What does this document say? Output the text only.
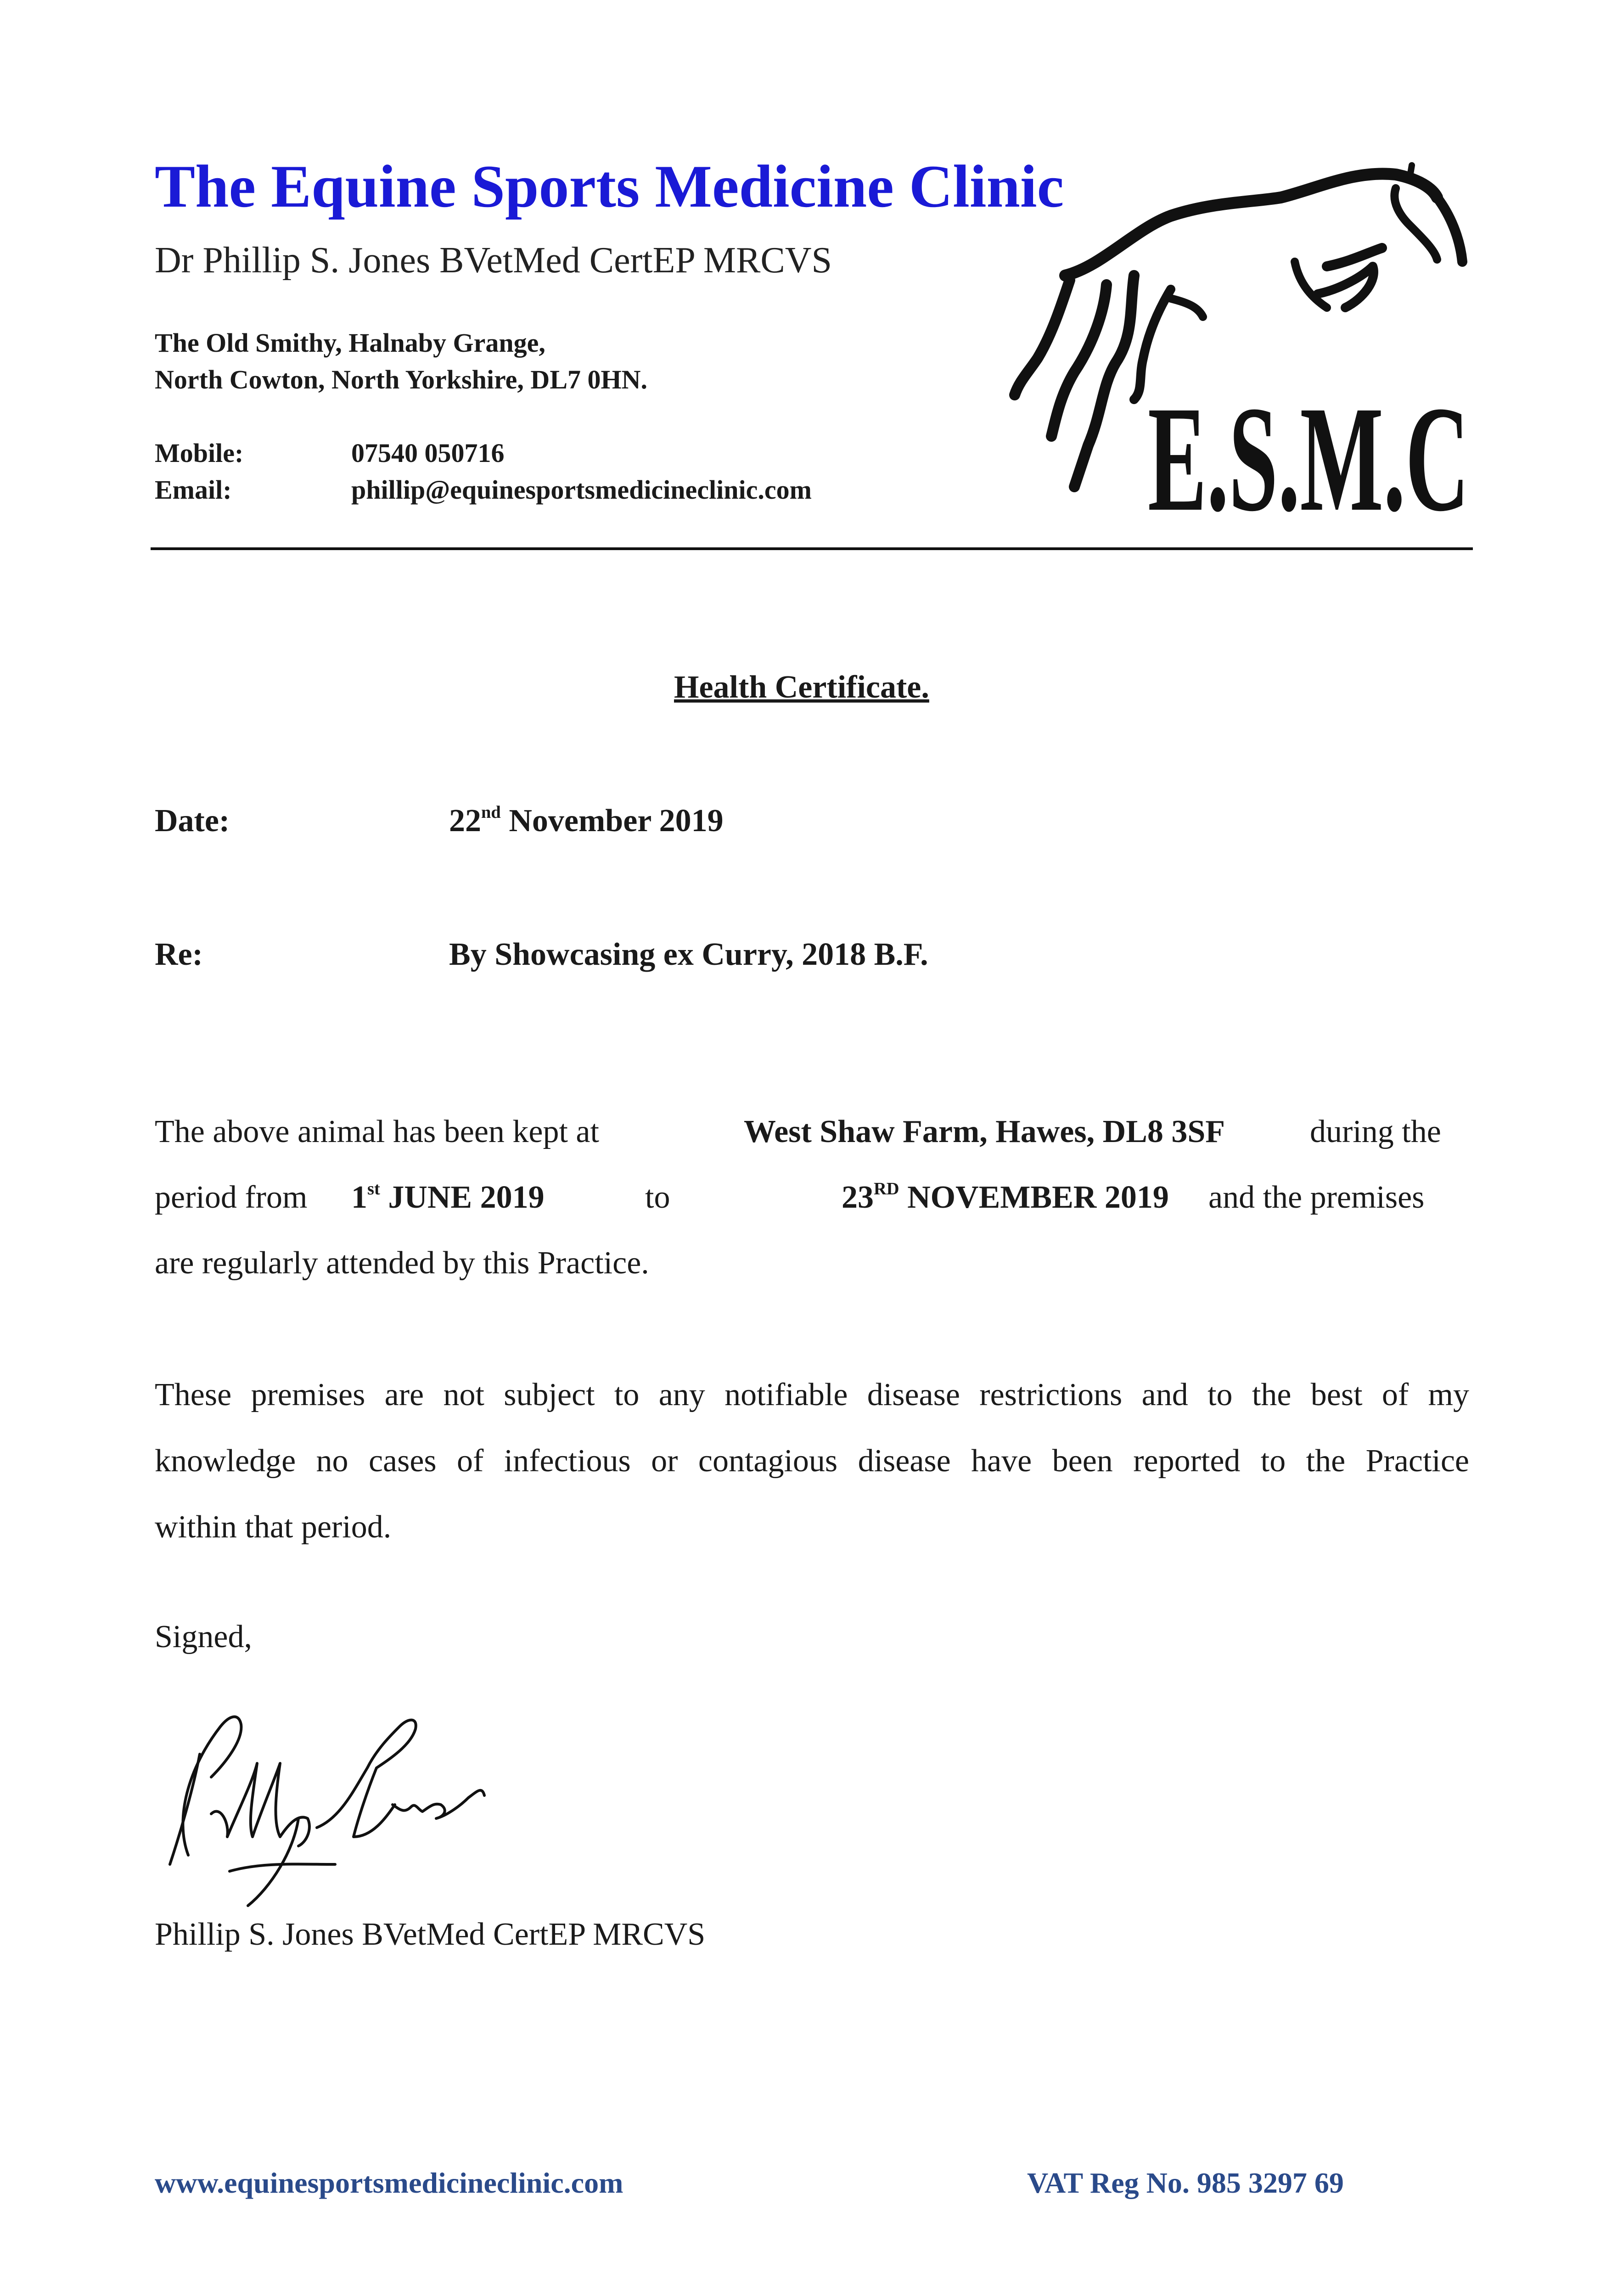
The Equine Sports Medicine Clinic
Dr Phillip S. Jones BVetMed CertEP MRCVS
The Old Smithy, Halnaby Grange,
North Cowton, North Yorkshire, DL7 0HN.
Mobile:	07540 050716
Email:	phillip@equinesportsmedicineclinic.com E.S.M.C
Health Certificate.
Date:	22nd November 2019
Re:	By Showcasing ex Curry, 2018 B.F.
The above animal has been kept at	West Shaw Farm, Hawes, DL8 3SF	during the
period from 1st JUNE 2019	to	23RD NOVEMBER 2019 and the premises
are regularly attended by this Practice.
These premises are not subject to any notifiable disease restrictions and to the best of my
knowledge no cases of infectious or contagious disease have been reported to the Practice
within that period.
Signed,
Phillip S. Jones BVetMed CertEP MRCVS
www.equinesportsmedicineclinic.com	VAT Reg No. 985 3297 69
